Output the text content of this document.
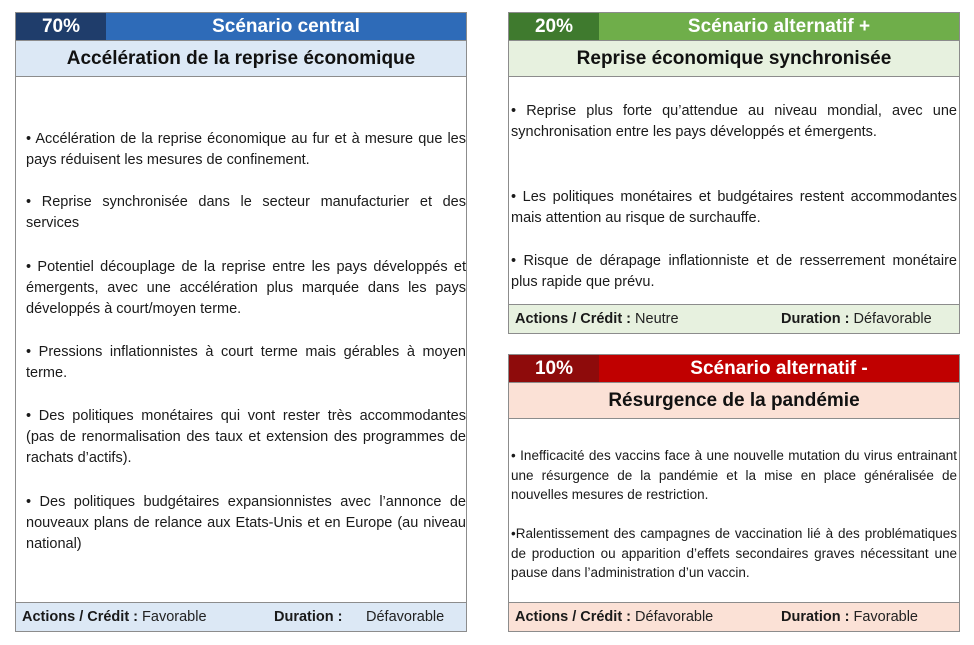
70%	Scénario central
Accélération de la reprise économique
• Accélération de la reprise économique au fur et à mesure que les pays réduisent les mesures de confinement.
• Reprise synchronisée dans le secteur manufacturier et des services
• Potentiel découplage de la reprise entre les pays développés et émergents, avec une accélération plus marquée dans les pays développés à court/moyen terme.
• Pressions inflationnistes à court terme mais gérables à moyen terme.
• Des politiques monétaires qui vont rester très accommodantes (pas de renormalisation des taux et extension des programmes de rachats d’actifs).
• Des politiques budgétaires expansionnistes avec l’annonce de nouveaux plans de relance aux Etats-Unis et en Europe (au niveau national)
Actions / Crédit : Favorable	Duration : Défavorable
20%	Scénario alternatif +
Reprise économique synchronisée
• Reprise plus forte qu’attendue au niveau mondial, avec une synchronisation entre les pays développés et émergents.
• Les politiques monétaires et budgétaires restent accommodantes mais attention au risque de surchauffe.
• Risque de dérapage inflationniste et de resserrement monétaire plus rapide que prévu.
Actions / Crédit : Neutre	Duration : Défavorable
10%	Scénario alternatif -
Résurgence de la pandémie
• Inefficacité des vaccins face à une nouvelle mutation du virus entrainant une résurgence de la pandémie et la mise en place généralisée de nouvelles mesures de restriction.
•Ralentissement des campagnes de vaccination lié à des problématiques de production ou apparition d’effets secondaires graves nécessitant une pause dans l’administration d’un vaccin.
Actions / Crédit : Défavorable	Duration : Favorable
